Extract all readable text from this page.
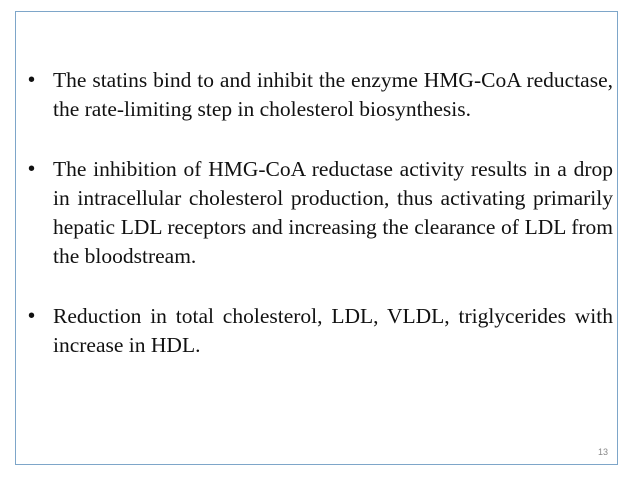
• The statins bind to and inhibit the enzyme HMG-CoA reductase, the rate-limiting step in cholesterol biosynthesis.
• The inhibition of HMG-CoA reductase activity results in a drop in intracellular cholesterol production, thus activating primarily hepatic LDL receptors and increasing the clearance of LDL from the bloodstream.
• Reduction in total cholesterol, LDL, VLDL, triglycerides with increase in HDL.
13
